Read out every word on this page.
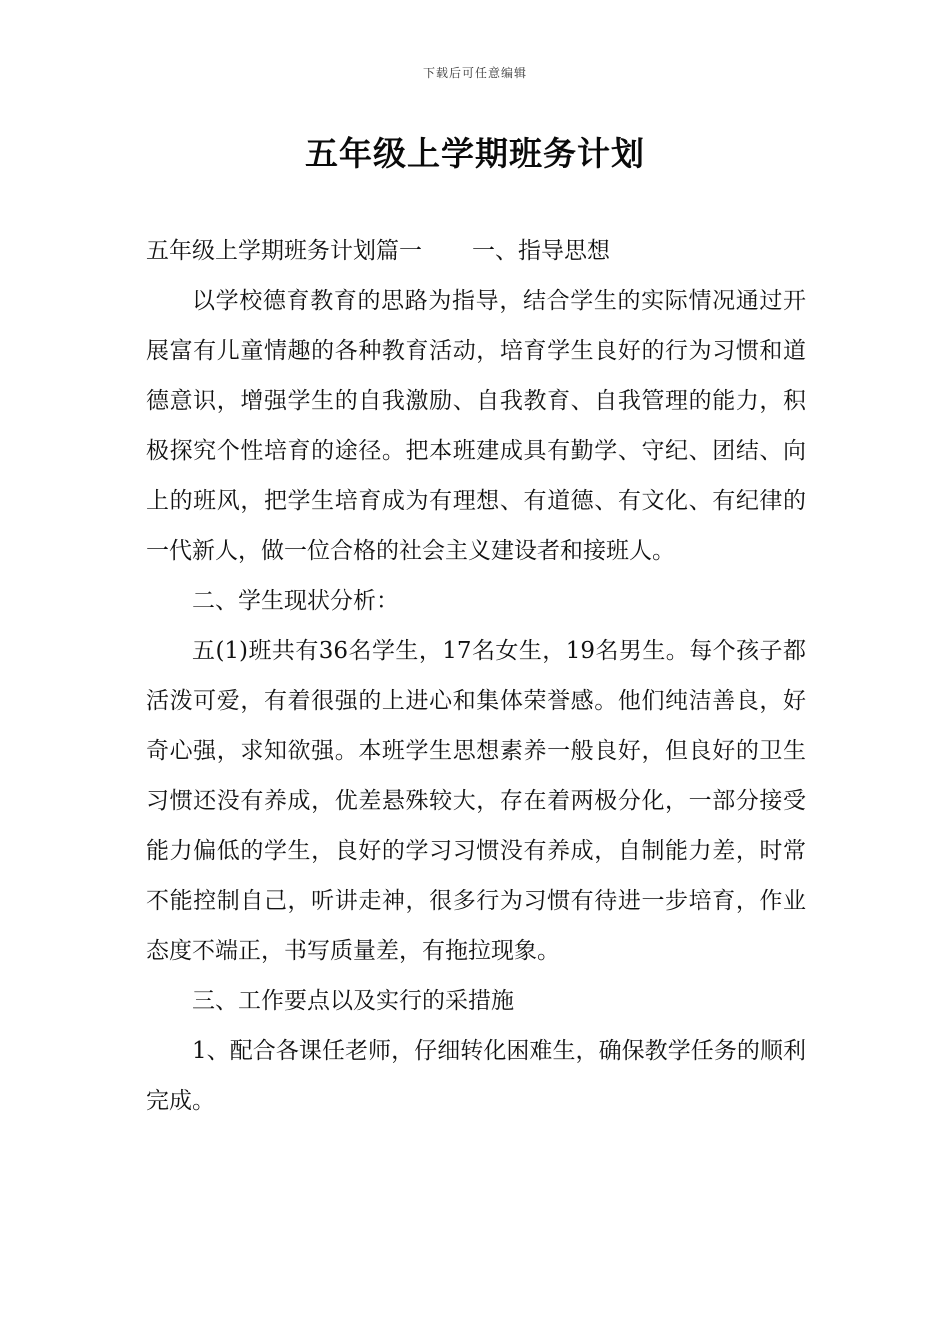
下载后可任意编辑
五年级上学期班务计划

五年级上学期班务计划篇一 一、指导思想

以学校德育教育的思路为指导，结合学生的实际情况通过开展富有儿童情趣的各种教育活动，培育学生良好的行为习惯和道德意识，增强学生的自我激励、自我教育、自我管理的能力，积极探究个性培育的途径。把本班建成具有勤学、守纪、团结、向上的班风，把学生培育成为有理想、有道德、有文化、有纪律的一代新人，做一位合格的社会主义建设者和接班人。

二、学生现状分析：

五(1)班共有36名学生，17名女生，19名男生。每个孩子都活泼可爱，有着很强的上进心和集体荣誉感。他们纯洁善良，好奇心强，求知欲强。本班学生思想素养一般良好，但良好的卫生习惯还没有养成，优差悬殊较大，存在着两极分化，一部分接受能力偏低的学生，良好的学习习惯没有养成，自制能力差，时常不能控制自己，听讲走神，很多行为习惯有待进一步培育，作业态度不端正，书写质量差，有拖拉现象。

三、工作要点以及实行的采措施

1、配合各课任老师，仔细转化困难生，确保教学任务的顺利完成。
